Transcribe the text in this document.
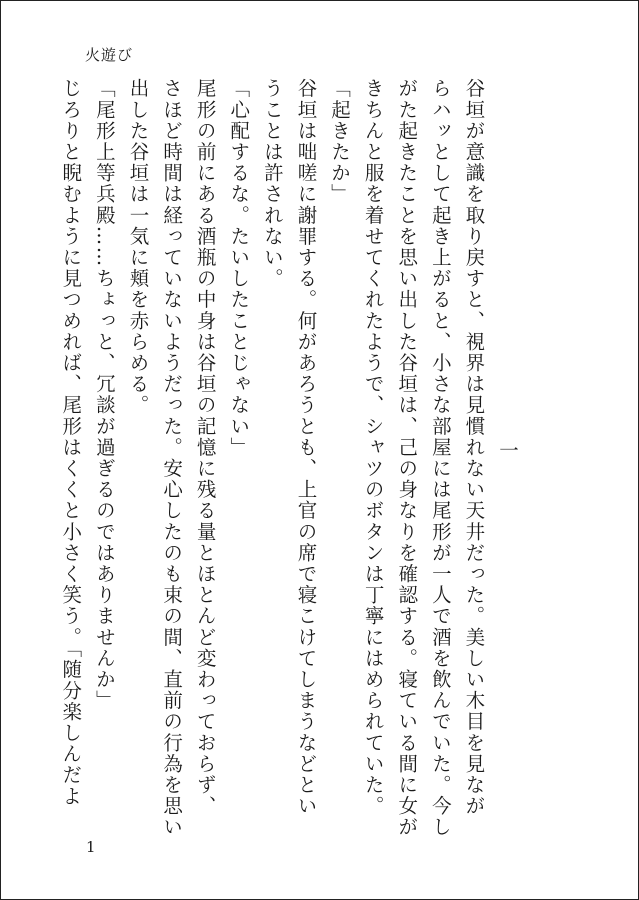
火遊び
一
谷垣が意識を取り戻すと、視界は見慣れない天井だった。美しい木目を見なが
らハッとして起き上がると、小さな部屋には尾形が一人で酒を飲んでいた。今し
がた起きたことを思い出した谷垣は、己の身なりを確認する。寝ている間に女が
きちんと服を着せてくれたようで、シャツのボタンは丁寧にはめられていた。
「起きたか」
谷垣は咄嗟に謝罪する。何があろうとも、上官の席で寝こけてしまうなどとい
うことは許されない。
「心配するな。たいしたことじゃない」
尾形の前にある酒瓶の中身は谷垣の記憶に残る量とほとんど変わっておらず、
さほど時間は経っていないようだった。安心したのも束の間、直前の行為を思い
出した谷垣は一気に頬を赤らめる。
「尾形上等兵殿……ちょっと、冗談が過ぎるのではありませんか」
じろりと睨むように見つめれば、尾形はくくと小さく笑う。「随分楽しんだよ
1
